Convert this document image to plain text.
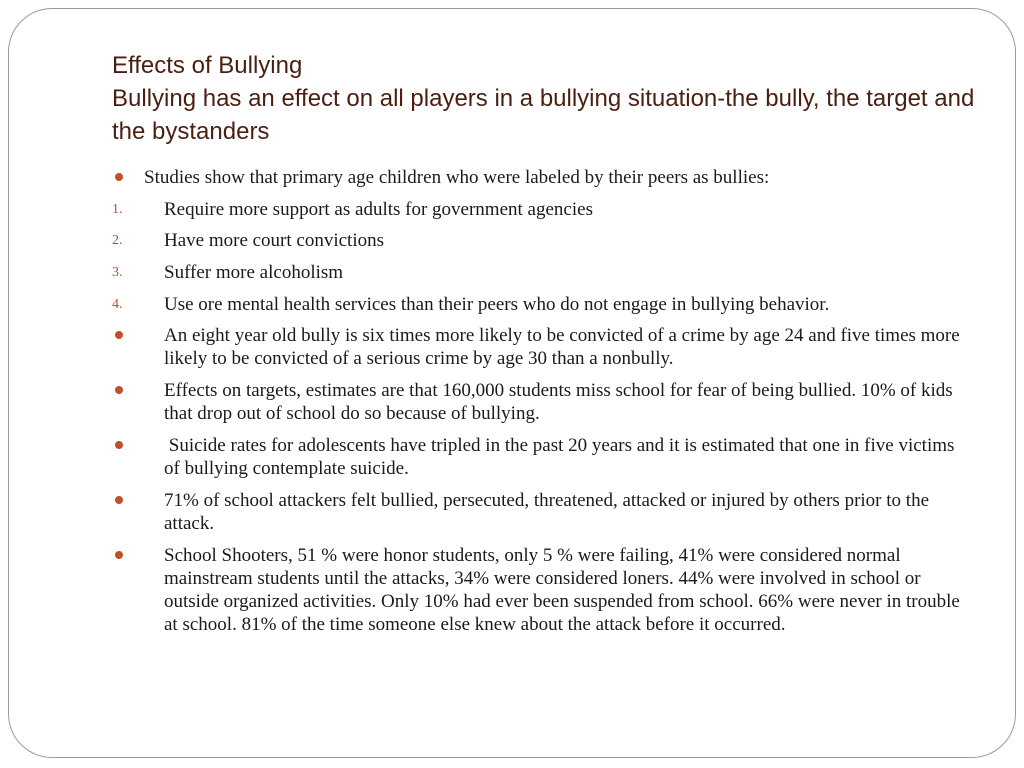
Effects of Bullying
Bullying has an effect on all players in a bullying situation-the bully, the target and the bystanders
Studies show that primary age children who were labeled by their peers as bullies:
1. Require more support as adults for government agencies
2. Have more court convictions
3. Suffer more alcoholism
4. Use ore mental health services than their peers who do not engage in bullying behavior.
An eight year old bully is six times more likely to be convicted of a crime by age 24 and five times more likely to be convicted of a serious crime by age 30 than a nonbully.
Effects on targets, estimates are that 160,000 students miss school for fear of being bullied. 10% of kids that drop out of school do so because of bullying.
Suicide rates for adolescents have tripled in the past 20 years and it is estimated that one in five victims of bullying contemplate suicide.
71% of school attackers felt bullied, persecuted, threatened, attacked or injured by others prior to the attack.
School Shooters, 51 % were honor students, only 5 % were failing, 41% were considered normal mainstream students until the attacks, 34% were considered loners. 44% were involved in school or outside organized activities. Only 10% had ever been suspended from school. 66% were never in trouble at school. 81% of the time someone else knew about the attack before it occurred.
